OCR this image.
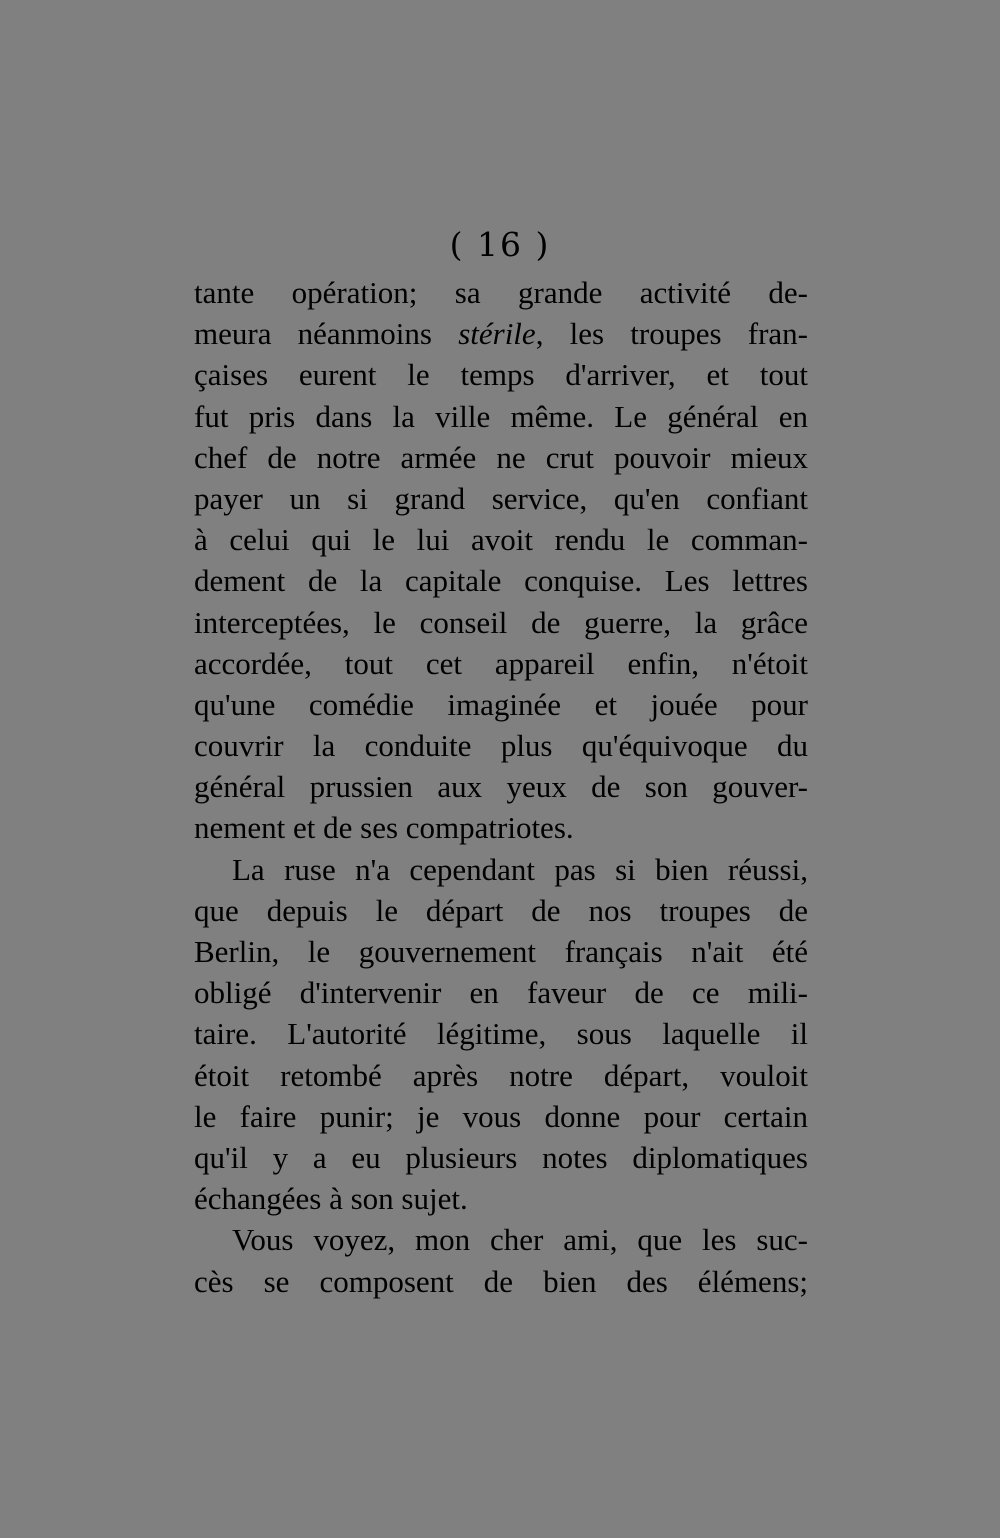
( 16 )
tante opération; sa grande activité de-
meura néanmoins stérile, les troupes fran-
çaises eurent le temps d'arriver, et tout
fut pris dans la ville même. Le général en
chef de notre armée ne crut pouvoir mieux
payer un si grand service, qu'en confiant
à celui qui le lui avoit rendu le comman-
dement de la capitale conquise. Les lettres
interceptées, le conseil de guerre, la grâce
accordée, tout cet appareil enfin, n'étoit
qu'une comédie imaginée et jouée pour
couvrir la conduite plus qu'équivoque du
général prussien aux yeux de son gouver-
nement et de ses compatriotes.
La ruse n'a cependant pas si bien réussi,
que depuis le départ de nos troupes de
Berlin, le gouvernement français n'ait été
obligé d'intervenir en faveur de ce mili-
taire. L'autorité légitime, sous laquelle il
étoit retombé après notre départ, vouloit
le faire punir; je vous donne pour certain
qu'il y a eu plusieurs notes diplomatiques
échangées à son sujet.
Vous voyez, mon cher ami, que les suc-
cès se composent de bien des élémens;
